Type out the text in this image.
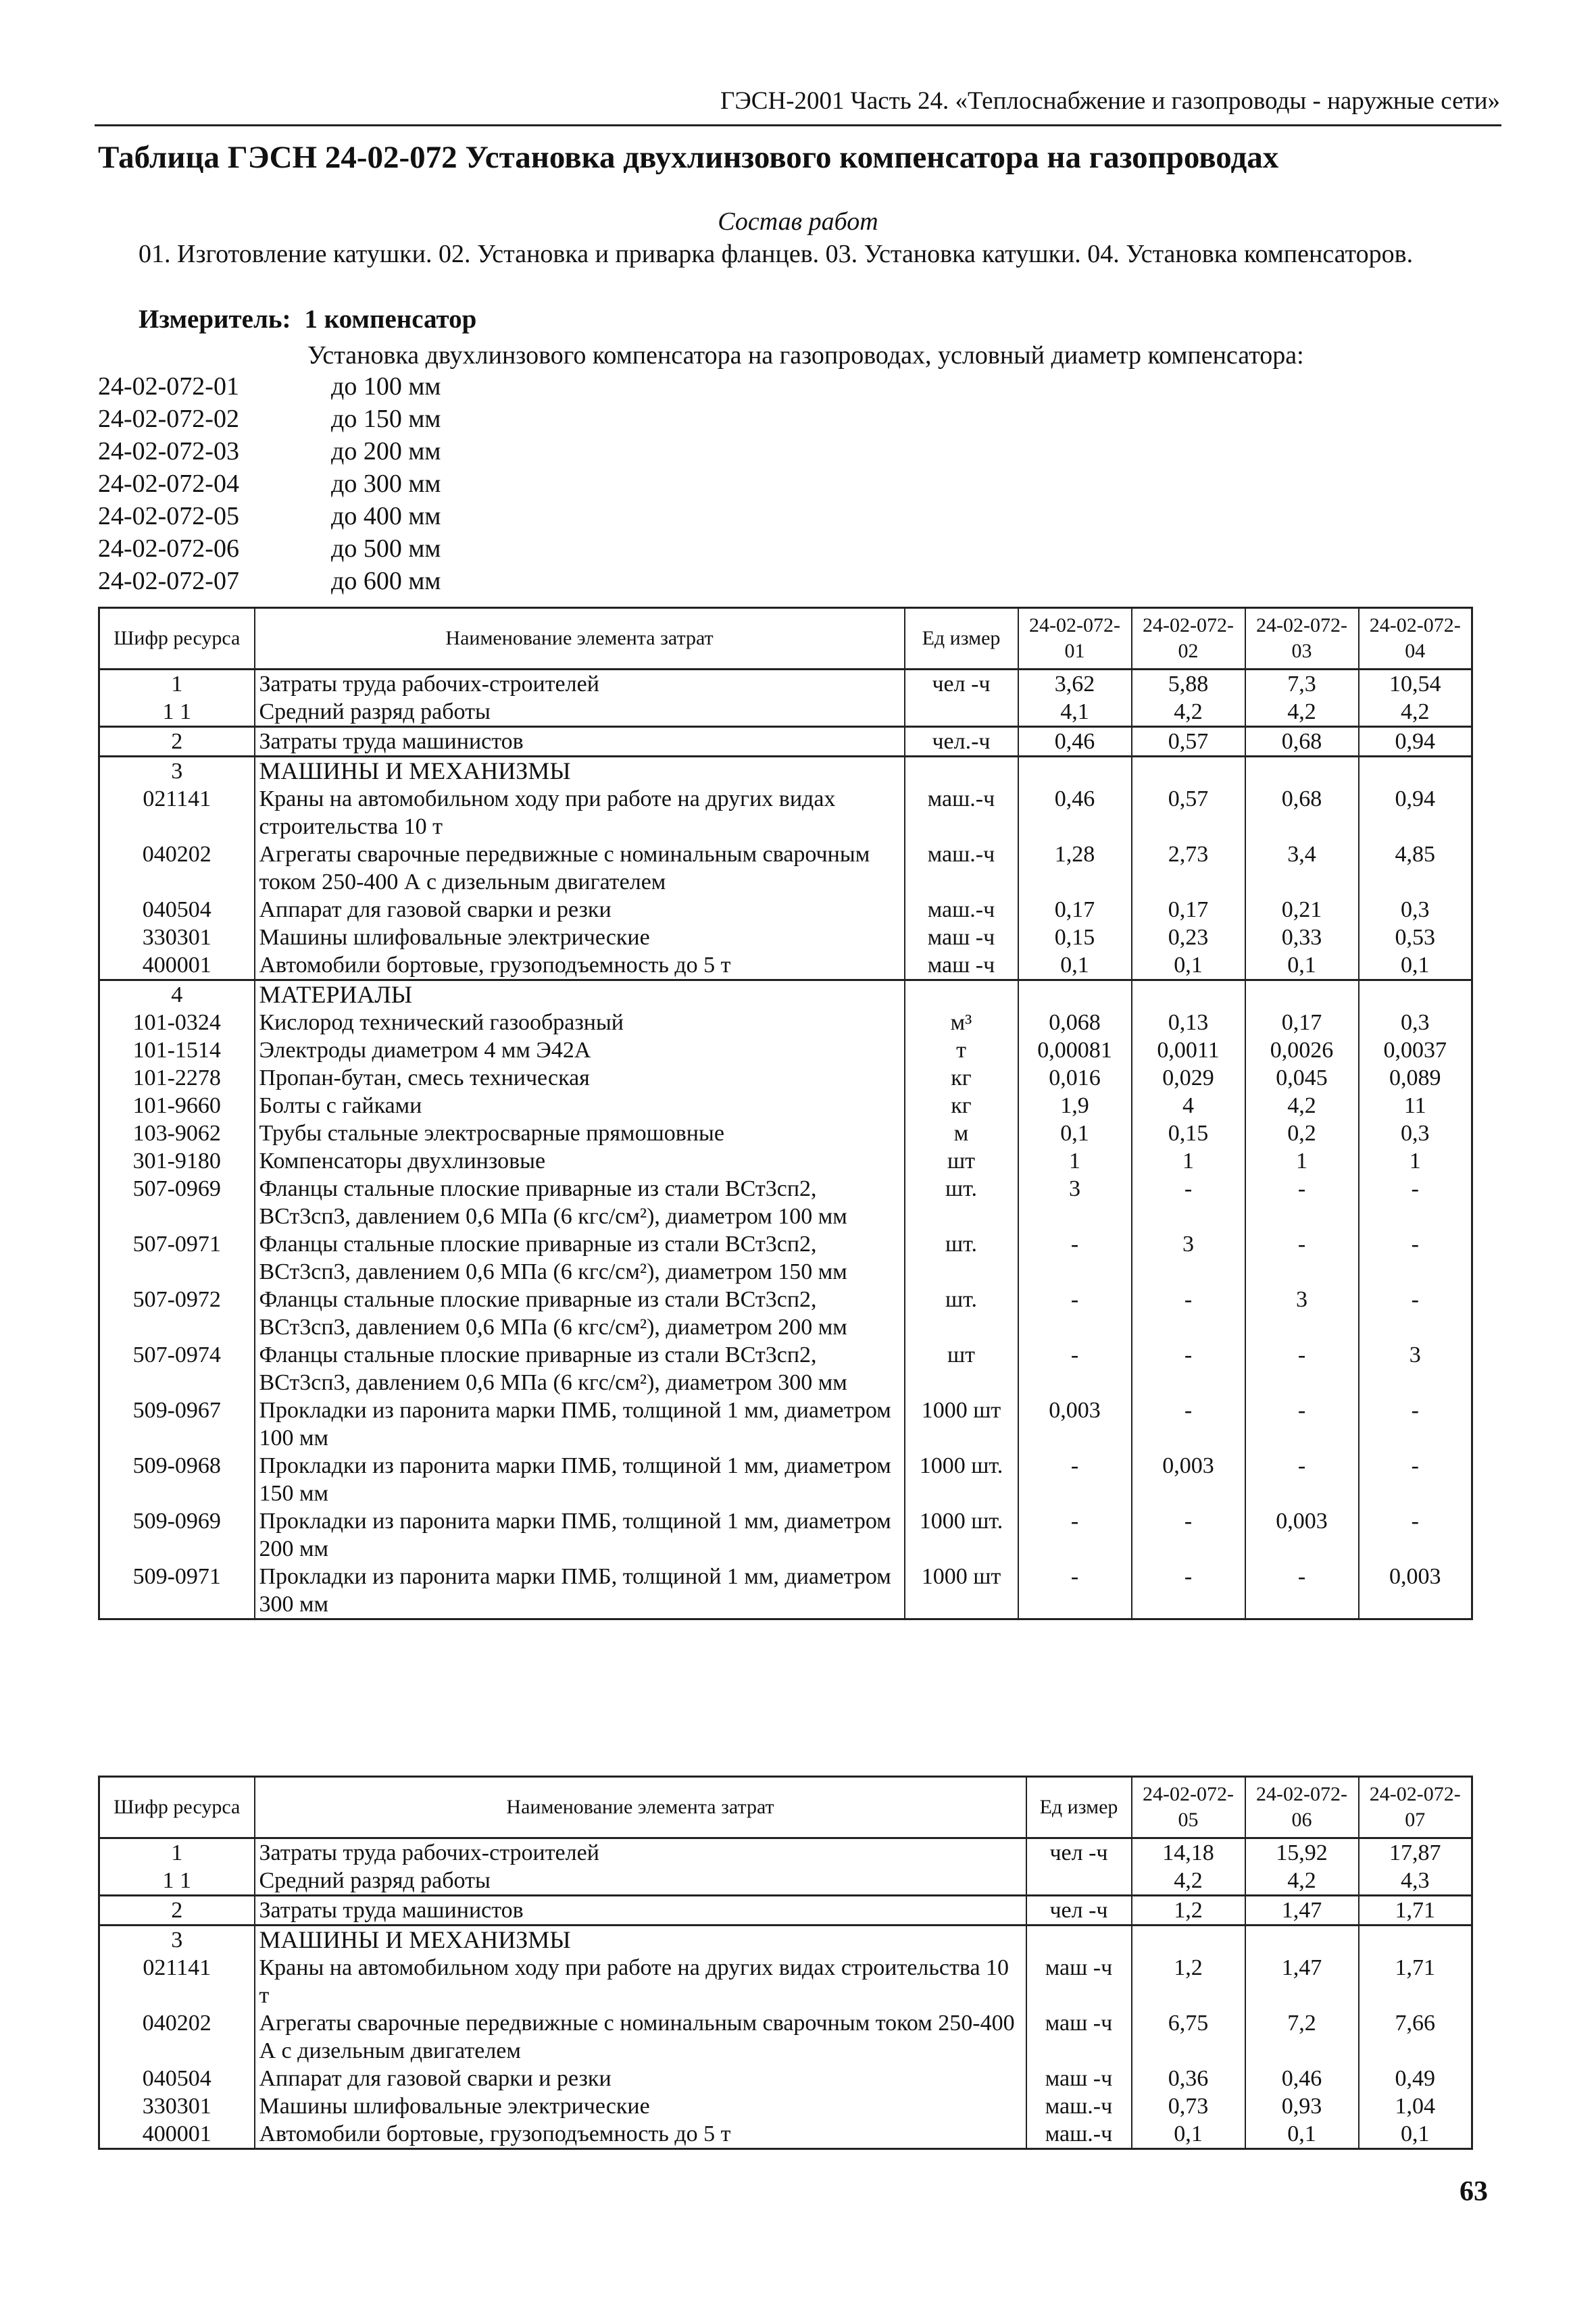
ГЭСН-2001 Часть 24. «Теплоснабжение и газопроводы - наружные сети»
Таблица ГЭСН 24-02-072 Установка двухлинзового компенсатора на газопроводах
Состав работ
01. Изготовление катушки. 02. Установка и приварка фланцев. 03. Установка катушки. 04. Установка компенсаторов.
Измеритель: 1 компенсатор
Установка двухлинзового компенсатора на газопроводах, условный диаметр компенсатора:
24-02-072-01	до 100 мм
24-02-072-02	до 150 мм
24-02-072-03	до 200 мм
24-02-072-04	до 300 мм
24-02-072-05	до 400 мм
24-02-072-06	до 500 мм
24-02-072-07	до 600 мм
Шифр ресурса	Наименование элемента затрат	Ед измер	24-02-072-01	24-02-072-02	24-02-072-03	24-02-072-04
1	Затраты труда рабочих-строителей	чел -ч	3,62	5,88	7,3	10,54
1 1	Средний разряд работы		4,1	4,2	4,2	4,2
2	Затраты труда машинистов	чел.-ч	0,46	0,57	0,68	0,94
3	МАШИНЫ И МЕХАНИЗМЫ					
021141	Краны на автомобильном ходу при работе на других видах строительства 10 т	маш.-ч	0,46	0,57	0,68	0,94
040202	Агрегаты сварочные передвижные с номинальным сварочным током 250-400 А с дизельным двигателем	маш.-ч	1,28	2,73	3,4	4,85
040504	Аппарат для газовой сварки и резки	маш.-ч	0,17	0,17	0,21	0,3
330301	Машины шлифовальные электрические	маш -ч	0,15	0,23	0,33	0,53
400001	Автомобили бортовые, грузоподъемность до 5 т	маш -ч	0,1	0,1	0,1	0,1
4	МАТЕРИАЛЫ					
101-0324	Кислород технический газообразный	м³	0,068	0,13	0,17	0,3
101-1514	Электроды диаметром 4 мм Э42А	т	0,00081	0,0011	0,0026	0,0037
101-2278	Пропан-бутан, смесь техническая	кг	0,016	0,029	0,045	0,089
101-9660	Болты с гайками	кг	1,9	4	4,2	11
103-9062	Трубы стальные электросварные прямошовные	м	0,1	0,15	0,2	0,3
301-9180	Компенсаторы двухлинзовые	шт	1	1	1	1
507-0969	Фланцы стальные плоские приварные из стали ВСт3сп2, ВСт3сп3, давлением 0,6 МПа (6 кгс/см²), диаметром 100 мм	шт.	3	-	-	-
507-0971	Фланцы стальные плоские приварные из стали ВСт3сп2, ВСт3сп3, давлением 0,6 МПа (6 кгс/см²), диаметром 150 мм	шт.	-	3	-	-
507-0972	Фланцы стальные плоские приварные из стали ВСт3сп2, ВСт3сп3, давлением 0,6 МПа (6 кгс/см²), диаметром 200 мм	шт.	-	-	3	-
507-0974	Фланцы стальные плоские приварные из стали ВСт3сп2, ВСт3сп3, давлением 0,6 МПа (6 кгс/см²), диаметром 300 мм	шт	-	-	-	3
509-0967	Прокладки из паронита марки ПМБ, толщиной 1 мм, диаметром 100 мм	1000 шт	0,003	-	-	-
509-0968	Прокладки из паронита марки ПМБ, толщиной 1 мм, диаметром 150 мм	1000 шт.	-	0,003	-	-
509-0969	Прокладки из паронита марки ПМБ, толщиной 1 мм, диаметром 200 мм	1000 шт.	-	-	0,003	-
509-0971	Прокладки из паронита марки ПМБ, толщиной 1 мм, диаметром 300 мм	1000 шт	-	-	-	0,003
Шифр ресурса	Наименование элемента затрат	Ед измер	24-02-072-05	24-02-072-06	24-02-072-07
1	Затраты труда рабочих-строителей	чел -ч	14,18	15,92	17,87
1 1	Средний разряд работы		4,2	4,2	4,3
2	Затраты труда машинистов	чел -ч	1,2	1,47	1,71
3	МАШИНЫ И МЕХАНИЗМЫ				
021141	Краны на автомобильном ходу при работе на других видах строительства 10 т	маш -ч	1,2	1,47	1,71
040202	Агрегаты сварочные передвижные с номинальным сварочным током 250-400 А с дизельным двигателем	маш -ч	6,75	7,2	7,66
040504	Аппарат для газовой сварки и резки	маш -ч	0,36	0,46	0,49
330301	Машины шлифовальные электрические	маш.-ч	0,73	0,93	1,04
400001	Автомобили бортовые, грузоподъемность до 5 т	маш.-ч	0,1	0,1	0,1
63
